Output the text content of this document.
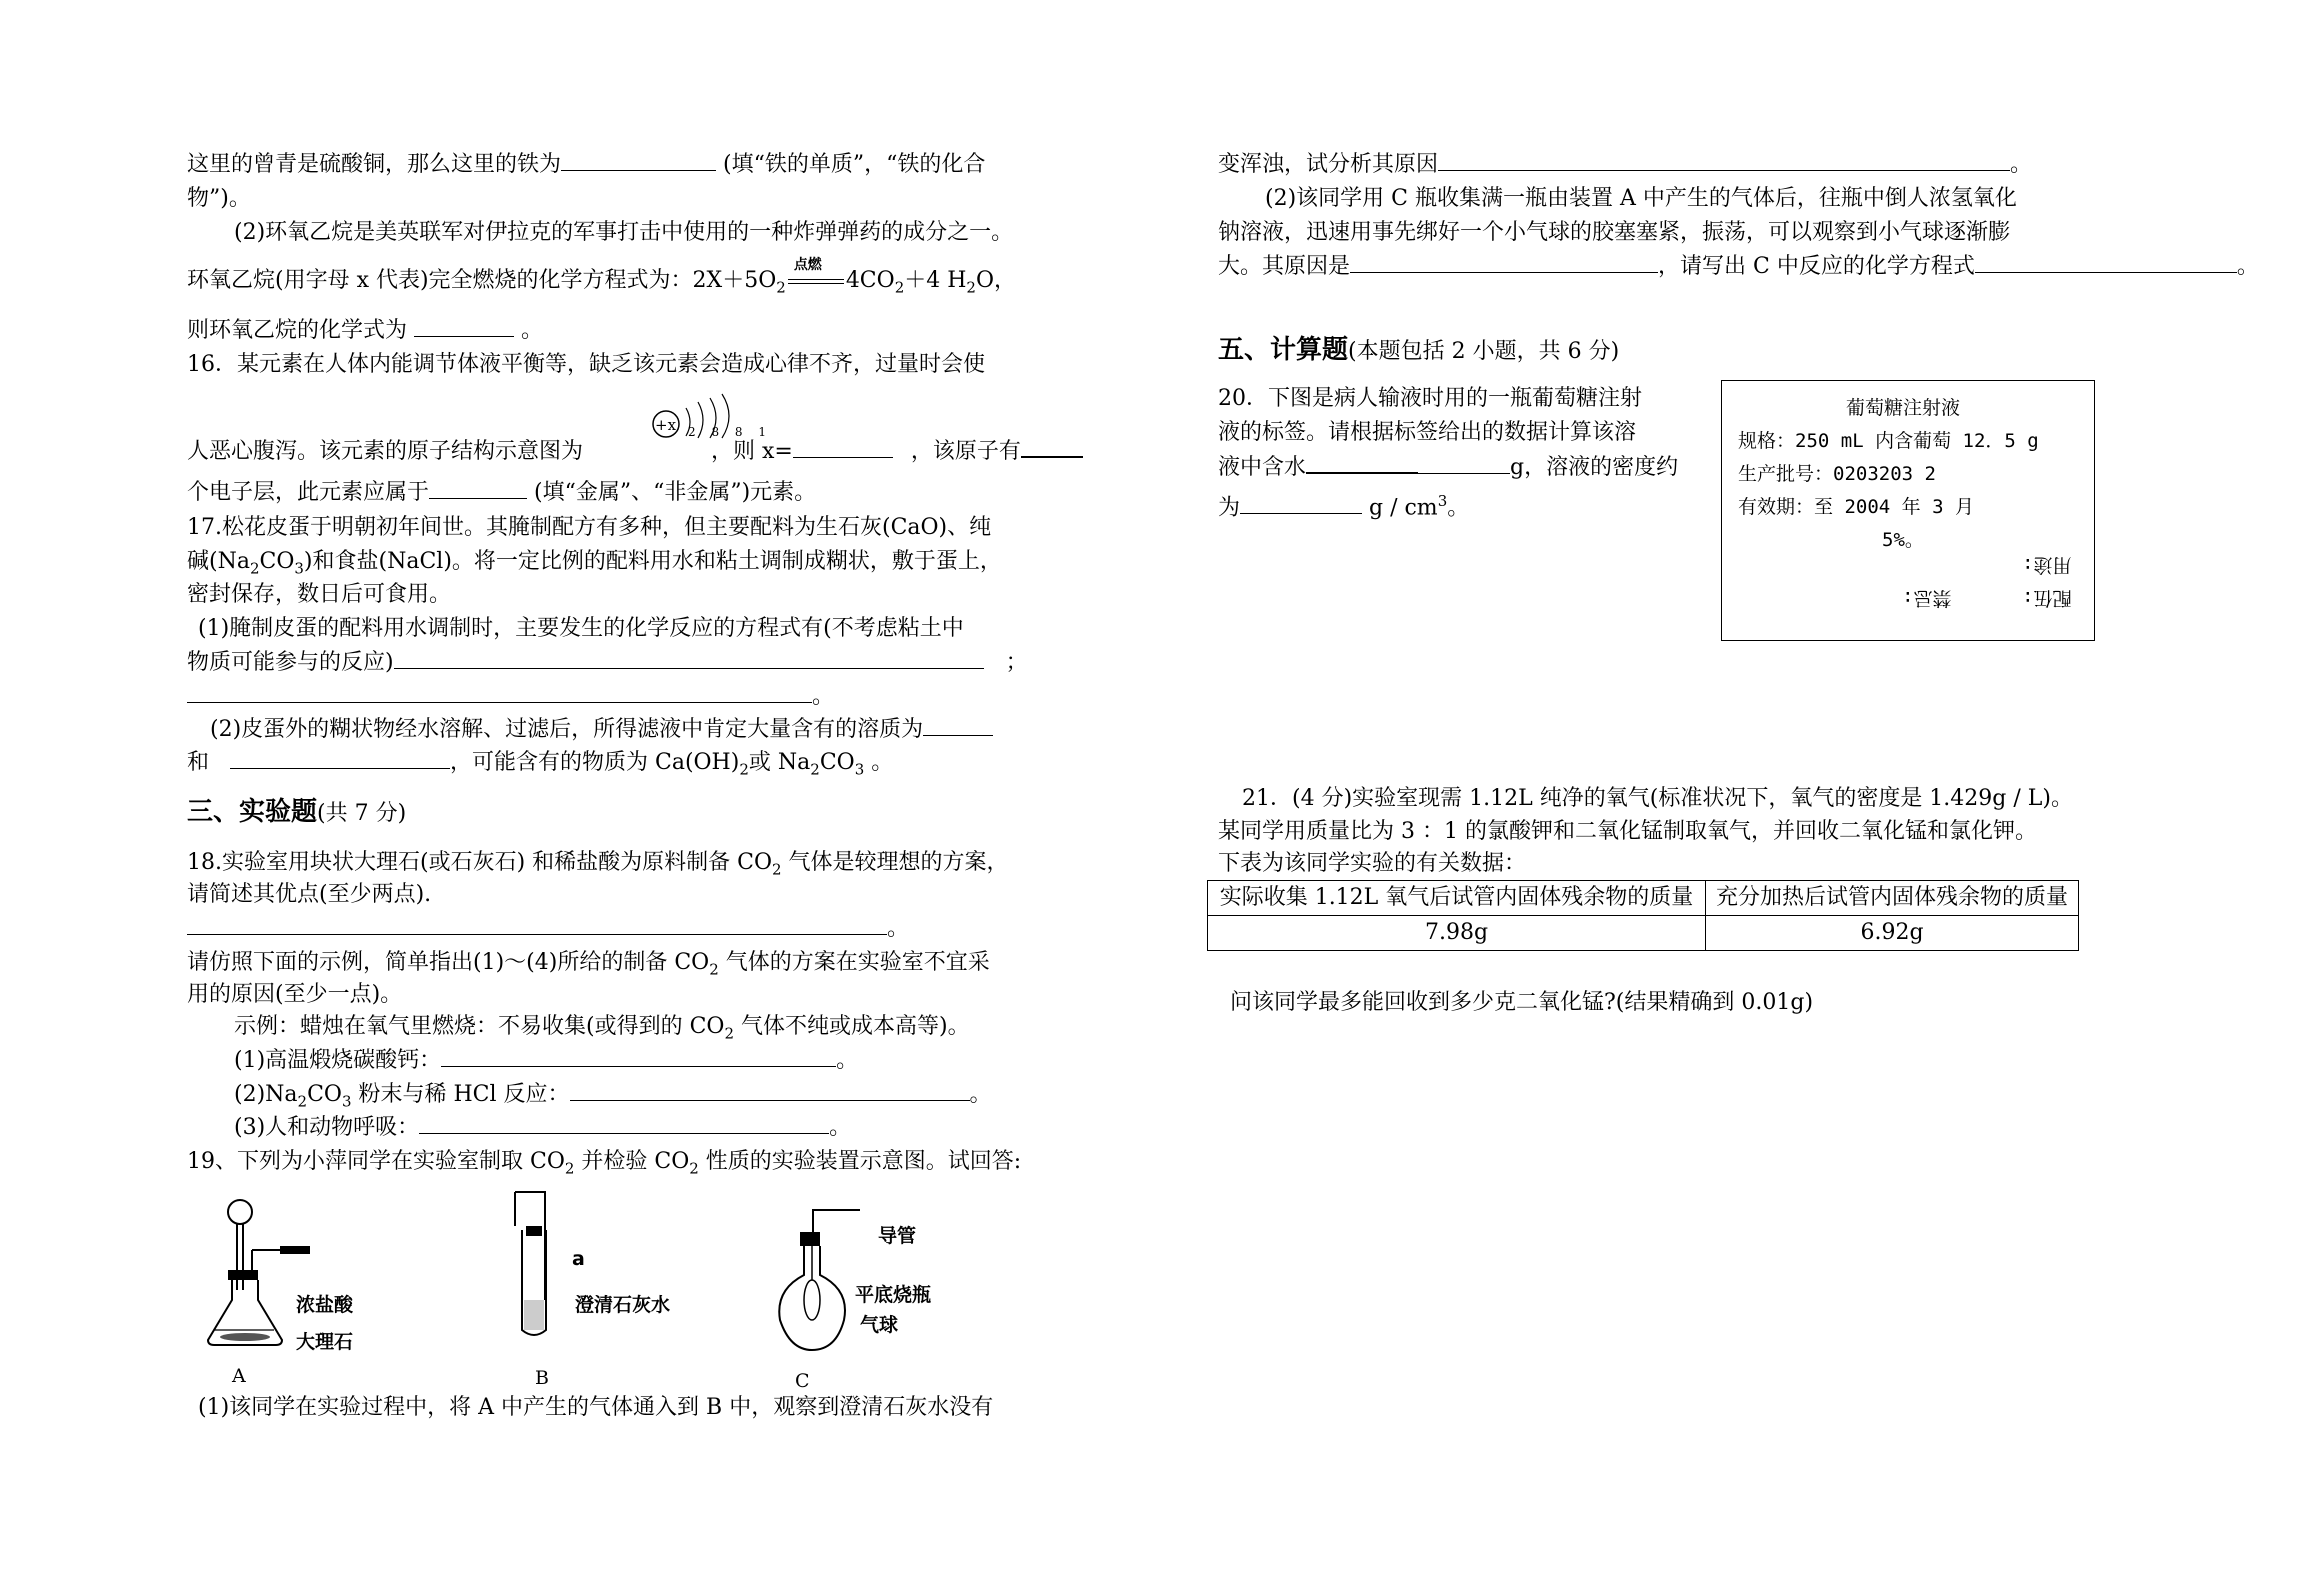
这里的曾青是硫酸铜，那么这里的铁为	(填“铁的单质”，“铁的化合
物”)。
(2)环氧乙烷是美英联军对伊拉克的军事打击中使用的一种炸弹弹药的成分之一。
环氧乙烷(用字母 x 代表)完全燃烧的化学方程式为：$2X+5O_2$
点燃
$4CO_2+4$ $H_2O$，
则环氧乙烷的化学式为	。
16．某元素在人体内能调节体液平衡等，缺乏该元素会造成心律不齐，过量时会使
+x 2 8 8 1
人恶心腹泻。该元素的原子结构示意图为	，则 x=	，该原子有
个电子层，此元素应属于	(填“金属”、“非金属”)元素。
17.松花皮蛋于明朝初年间世。其腌制配方有多种，但主要配料为生石灰(CaO)、纯
碱$(Na_2CO_3)$和食盐(NaCl)。将一定比例的配料用水和粘土调制成糊状，敷于蛋上，
密封保存，数日后可食用。
(1)腌制皮蛋的配料用水调制时，主要发生的化学反应的方程式有(不考虑粘土中
物质可能参与的反应)	；
。
(2)皮蛋外的糊状物经水溶解、过滤后，所得滤液中肯定大量含有的溶质为
和	，可能含有的物质为 $Ca(OH)_2$或 $Na_2CO_3$ 。
三、实验题(共 7 分)
18.实验室用块状大理石(或石灰石) 和稀盐酸为原料制备 $CO_2$ 气体是较理想的方案，
请简述其优点(至少两点).
。
请仿照下面的示例，简单指出(1)～(4)所给的制备 $CO_2$ 气体的方案在实验室不宜采
用的原因(至少一点)。
示例：蜡烛在氧气里燃烧：不易收集(或得到的 $CO_2$ 气体不纯或成本高等)。
(1)高温煅烧碳酸钙：	。
$(2)Na_2CO_3$ 粉末与稀 HCl 反应：	。
(3)人和动物呼吸：	。
19、下列为小萍同学在实验室制取 $CO_2$ 并检验 $CO_2$ 性质的实验装置示意图。试回答:
浓盐酸
大理石
A
a
澄清石灰水
B
导管
平底烧瓶
气球
C
(1)该同学在实验过程中，将 A 中产生的气体通入到 B 中，观察到澄清石灰水没有
变浑浊，试分析其原因	。
(2)该同学用 C 瓶收集满一瓶由装置 A 中产生的气体后，往瓶中倒人浓氢氧化
钠溶液，迅速用事先绑好一个小气球的胶塞塞紧，振荡，可以观察到小气球逐渐膨
大。其原因是	，请写出 C 中反应的化学方程式	。
五、计算题(本题包括 2 小题，共 6 分)
20．下图是病人输液时用的一瓶葡萄糖注射
液的标签。请根据标签给出的数据计算该溶
液中含水	g，溶液的密度约
为	g / $cm^3$。
葡萄糖注射液
规格：250 mL 内含葡萄 12．5 g
生产批号：0203203 2
有效期：至 2004 年 3 月
5%。
用途:
禁忌:	配伍:
21．(4 分)实验室现需 1.12L 纯净的氧气(标准状况下，氧气的密度是 1.429g / L)。
某同学用质量比为 3 ：1 的氯酸钾和二氧化锰制取氧气，并回收二氧化锰和氯化钾。
下表为该同学实验的有关数据：
实际收集 1.12L 氧气后试管内固体残余物的质量	充分加热后试管内固体残余物的质量
7.98g	6.92g
问该同学最多能回收到多少克二氧化锰?(结果精确到 0.01g)
